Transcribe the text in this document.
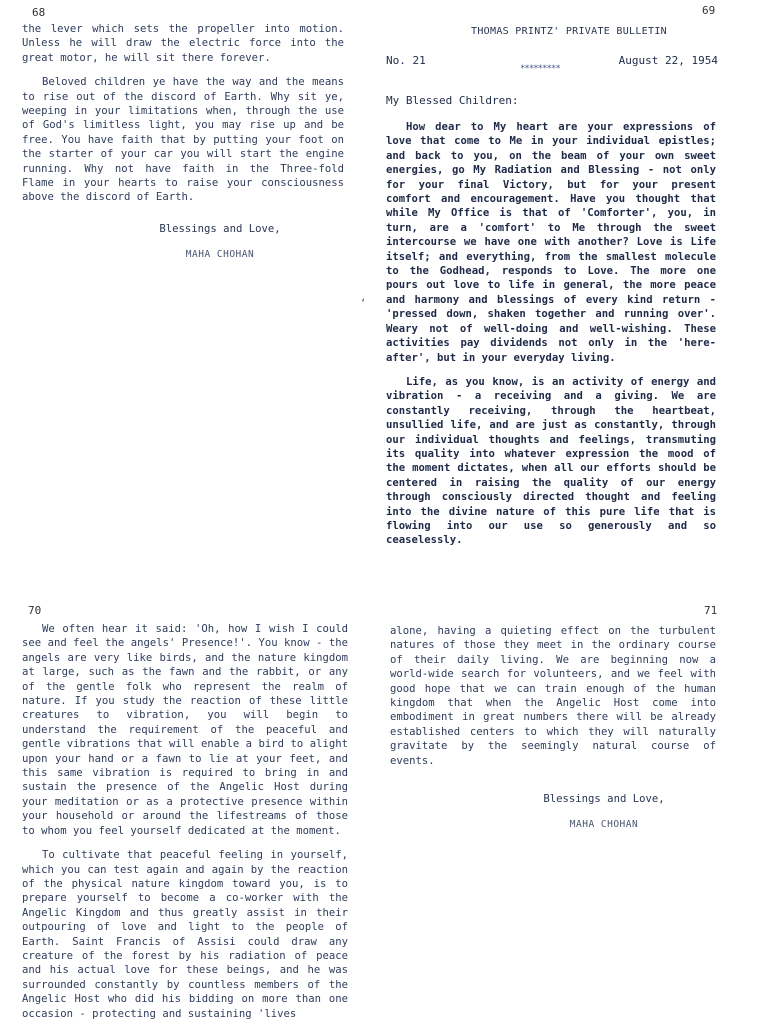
68

the lever which sets the propeller into motion. Unless he will draw the electric force into the great motor, he will sit there forever.

Beloved children ye have the way and the means to rise out of the discord of Earth. Why sit ye, weeping in your limitations when, through the use of God's limitless light, you may rise up and be free. You have faith that by putting your foot on the starter of your car you will start the engine running. Why not have faith in the Three-fold Flame in your hearts to raise your consciousness above the discord of Earth.

Blessings and Love,
MAHA CHOHAN
69
THOMAS PRINTZ' PRIVATE BULLETIN
No. 21
*********
August 22, 1954
My Blessed Children:

How dear to My heart are your expressions of love that come to Me in your individual epistles; and back to you, on the beam of your own sweet energies, go My Radiation and Blessing - not only for your final Victory, but for your present comfort and encouragement. Have you thought that while My Office is that of 'Comforter', you, in turn, are a 'comfort' to Me through the sweet intercourse we have one with another? Love is Life itself; and everything, from the smallest molecule to the Godhead, responds to Love. The more one pours out love to life in general, the more peace and harmony and blessings of every kind return - 'pressed down, shaken together and running over'. Weary not of well-doing and well-wishing. These activities pay dividends not only in the 'here-after', but in your everyday living.

Life, as you know, is an activity of energy and vibration - a receiving and a giving. We are constantly receiving, through the heartbeat, unsullied life, and are just as constantly, through our individual thoughts and feelings, transmuting its quality into whatever expression the mood of the moment dictates, when all our efforts should be centered in raising the quality of our energy through consciously directed thought and feeling into the divine nature of this pure life that is flowing into our use so generously and so ceaselessly.

ʻ
70

We often hear it said: 'Oh, how I wish I could see and feel the angels' Presence!'. You know - the angels are very like birds, and the nature kingdom at large, such as the fawn and the rabbit, or any of the gentle folk who represent the realm of nature. If you study the reaction of these little creatures to vibration, you will begin to understand the requirement of the peaceful and gentle vibrations that will enable a bird to alight upon your hand or a fawn to lie at your feet, and this same vibration is required to bring in and sustain the presence of the Angelic Host during your meditation or as a protective presence within your household or around the lifestreams of those to whom you feel yourself dedicated at the moment.

To cultivate that peaceful feeling in yourself, which you can test again and again by the reaction of the physical nature kingdom toward you, is to prepare yourself to become a co-worker with the Angelic Kingdom and thus greatly assist in their outpouring of love and light to the people of Earth. Saint Francis of Assisi could draw any creature of the forest by his radiation of peace and his actual love for these beings, and he was surrounded constantly by countless members of the Angelic Host who did his bidding on more than one occasion - protecting and sustaining 'lives

71

alone, having a quieting effect on the turbulent natures of those they meet in the ordinary course of their daily living. We are beginning now a world-wide search for volunteers, and we feel with good hope that we can train enough of the human kingdom that when the Angelic Host come into embodiment in great numbers there will be already established centers to which they will naturally gravitate by the seemingly natural course of events.

Blessings and Love,
MAHA CHOHAN
